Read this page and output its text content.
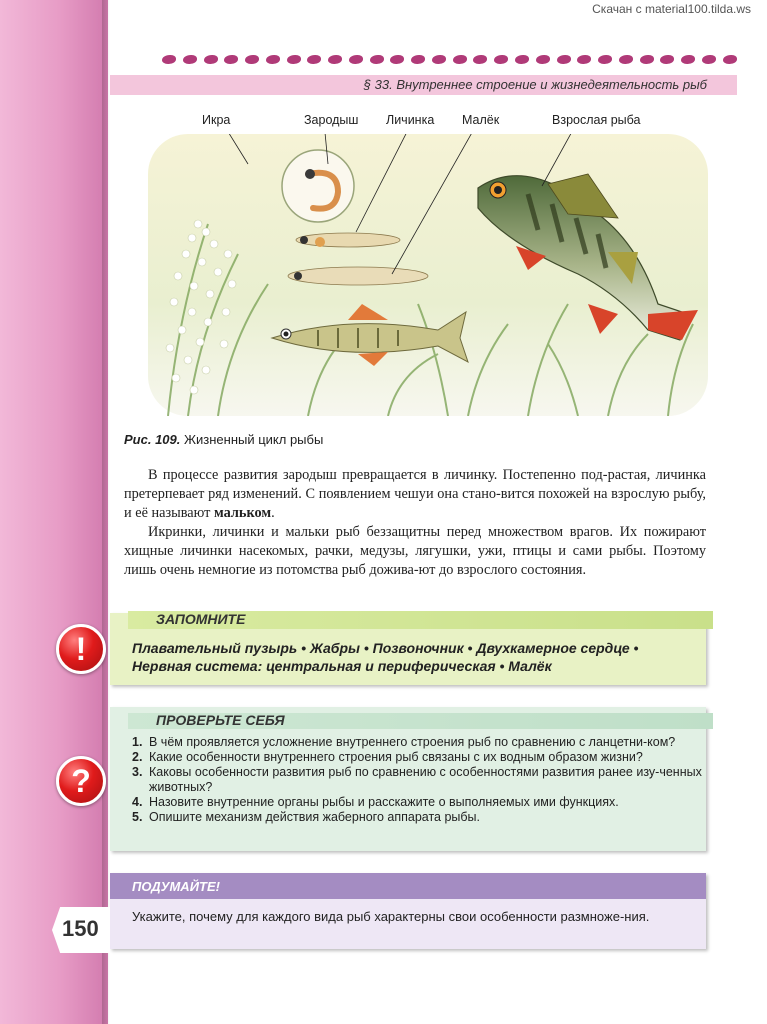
Скачан с material100.tilda.ws
§ 33. Внутреннее строение и жизнедеятельность рыб
Икра	Зародыш Личинка Малёк	Взрослая рыба
Рис. 109. Жизненный цикл рыбы

В процессе развития зародыш превращается в личинку. Постепенно под-растая, личинка претерпевает ряд изменений. С появлением чешуи она стано-вится похожей на взрослую рыбу, и её называют мальком.

Икринки, личинки и мальки рыб беззащитны перед множеством врагов. Их пожирают хищные личинки насекомых, рачки, медузы, лягушки, ужи, птицы и сами рыбы. Поэтому лишь очень немногие из потомства рыб дожива-ют до взрослого состояния.

!
ЗАПОМНИТЕ
Плавательный пузырь • Жабры • Позвоночник • Двухкамерное сердце • Нервная система: центральная и периферическая • Малёк
?
ПРОВЕРЬТЕ СЕБЯ
1. В чём проявляется усложнение внутреннего строения рыб по сравнению с ланцетни-ком?
2. Какие особенности внутреннего строения рыб связаны с их водным образом жизни?
3. Каковы особенности развития рыб по сравнению с особенностями развития ранее изу-ченных животных?
4. Назовите внутренние органы рыбы и расскажите о выполняемых ими функциях.
5. Опишите механизм действия жаберного аппарата рыбы.
ПОДУМАЙТЕ!
Укажите, почему для каждого вида рыб характерны свои особенности размноже-ния.
150
